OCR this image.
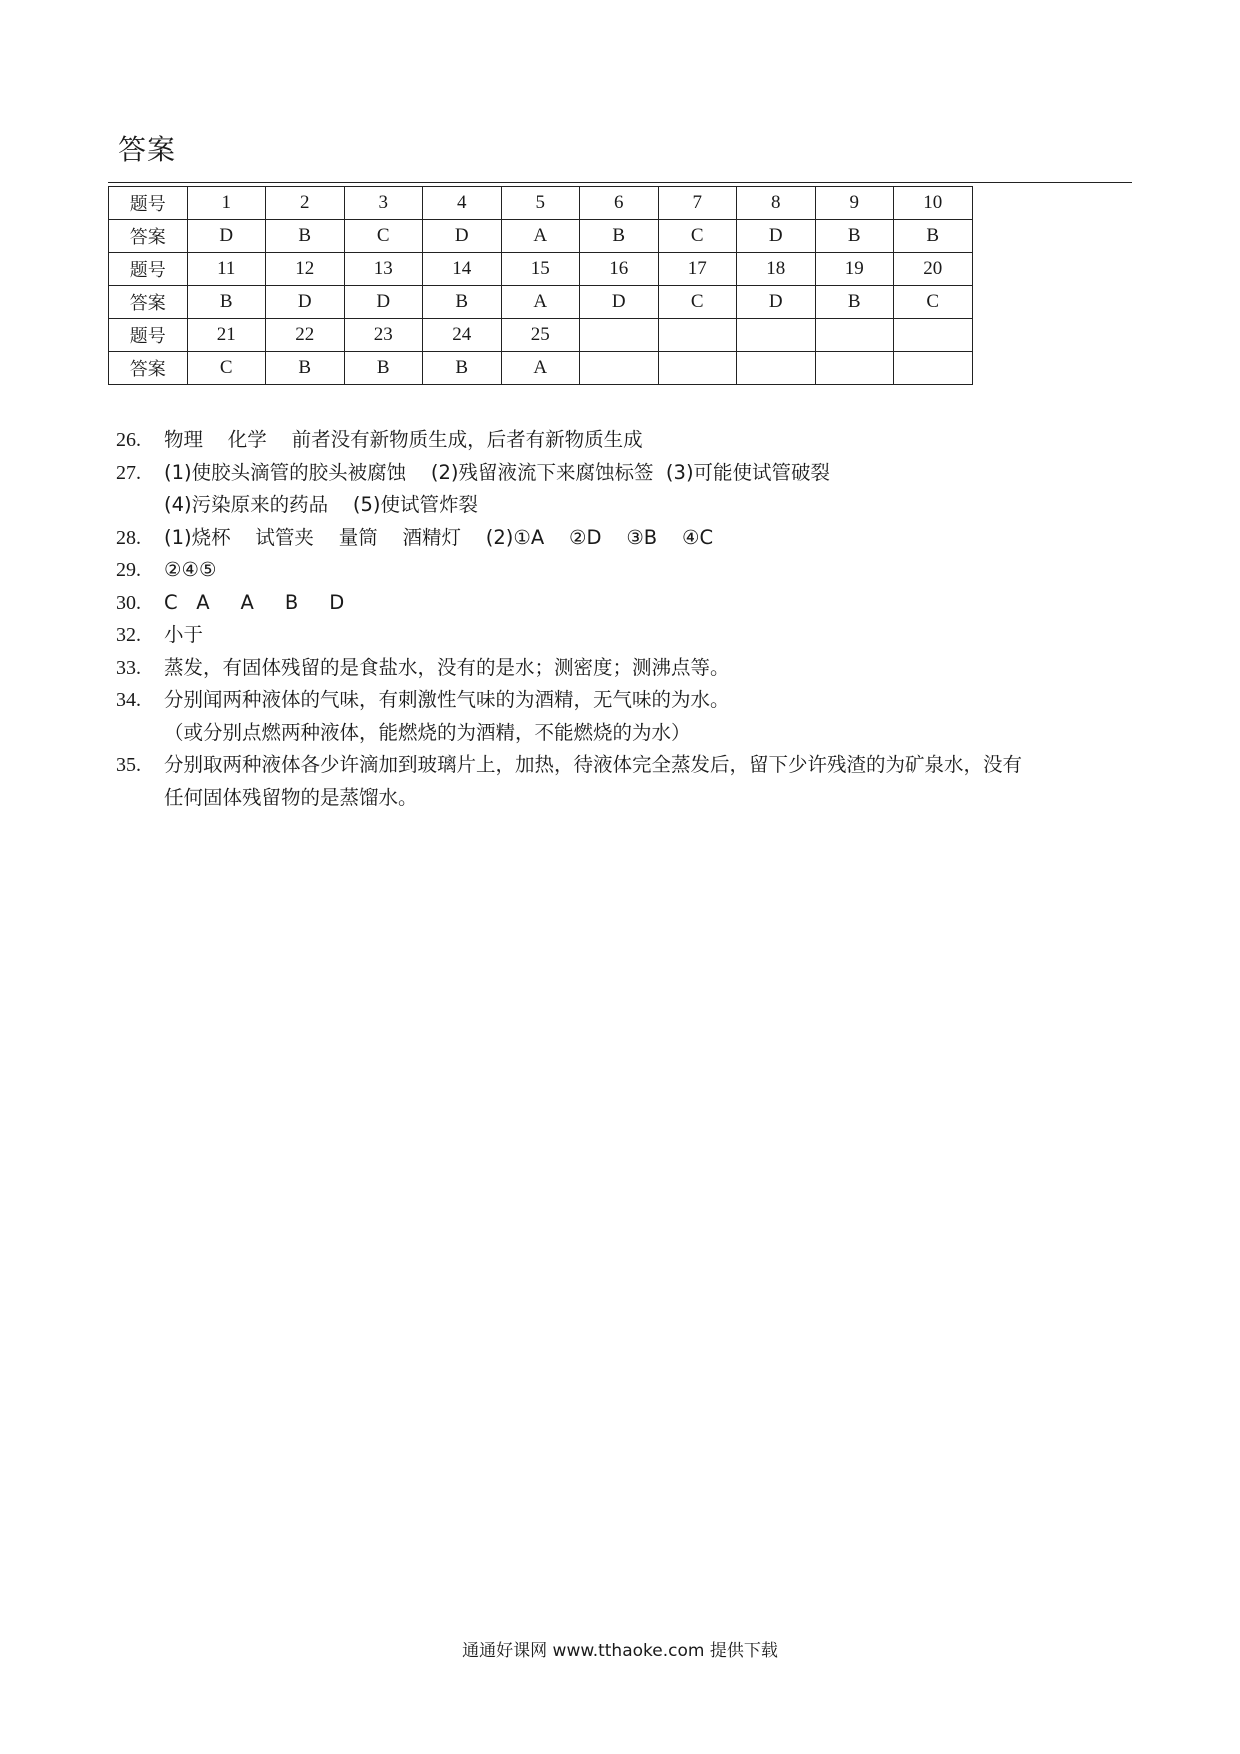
答案
题号	1	2	3	4	5	6	7	8	9	10
答案	D	B	C	D	A	B	C	D	B	B
题号	11	12	13	14	15	16	17	18	19	20
答案	B	D	D	B	A	D	C	D	B	C
题号	21	22	23	24	25					
答案	C	B	B	B	A					
26.	物理    化学    前者没有新物质生成，后者有新物质生成
27.	(1)使胶头滴管的胶头被腐蚀    (2)残留液流下来腐蚀标签  (3)可能使试管破裂
(4)污染原来的药品    (5)使试管炸裂
28.	(1)烧杯    试管夹    量筒    酒精灯    (2)①A    ②D    ③B    ④C
29.	②④⑤
30.	C   A     A     B     D
32.	小于
33.	蒸发，有固体残留的是食盐水，没有的是水；测密度；测沸点等。
34.	分别闻两种液体的气味，有刺激性气味的为酒精，无气味的为水。
（或分别点燃两种液体，能燃烧的为酒精，不能燃烧的为水）
35.	分别取两种液体各少许滴加到玻璃片上，加热，待液体完全蒸发后，留下少许残渣的为矿泉水，没有
任何固体残留物的是蒸馏水。
通通好课网 www.tthaoke.com 提供下载
